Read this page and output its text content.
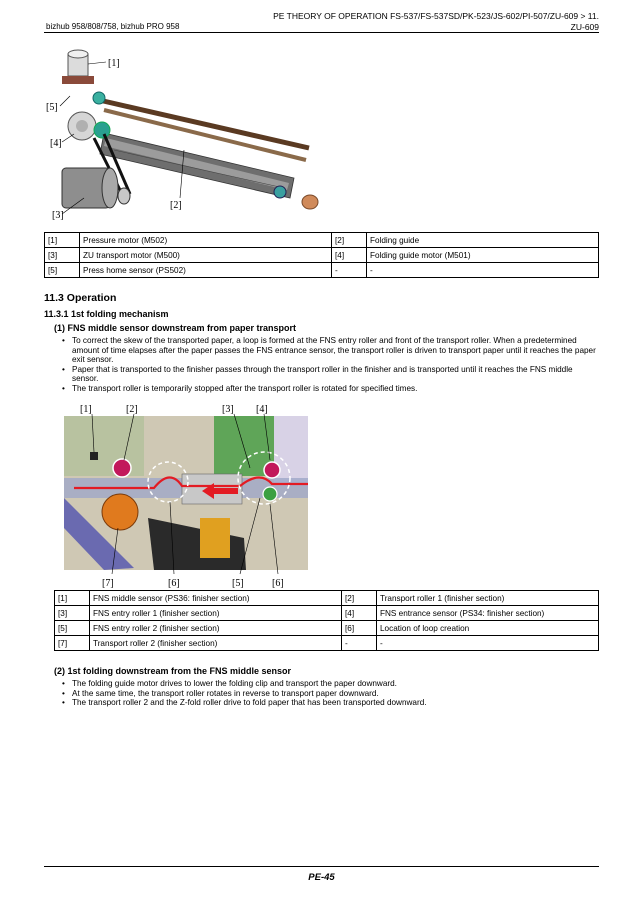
bizhub 958/808/758, bizhub PRO 958
PE THEORY OF OPERATION FS-537/FS-537SD/PK-523/JS-602/PI-507/ZU-609 > 11.
ZU-609
[1]
[5]
[4]
[3]
[2]
[1]	Pressure motor (M502)	[2]	Folding guide
[3]	ZU transport motor (M500)	[4]	Folding guide motor (M501)
[5]	Press home sensor (PS502)	-	-
11.3 Operation
11.3.1 1st folding mechanism
(1) FNS middle sensor downstream from paper transport
• To correct the skew of the transported paper, a loop is formed at the FNS entry roller and front of the transport roller. When a predetermined amount of time elapses after the paper passes the FNS entrance sensor, the transport roller is driven to transport paper until it reaches the paper exit sensor.
• Paper that is transported to the finisher passes through the transport roller in the finisher and is transported until it reaches the FNS middle sensor.
• The transport roller is temporarily stopped after the transport roller is rotated for specified times.
[1]	[2]	[3] [4]
[7]	[6]	[5]	[6]
[1]	FNS middle sensor (PS36: finisher section)	[2]	Transport roller 1 (finisher section)
[3]	FNS entry roller 1 (finisher section)	[4]	FNS entrance sensor (PS34: finisher section)
[5]	FNS entry roller 2 (finisher section)	[6]	Location of loop creation
[7]	Transport roller 2 (finisher section)	-	-
(2) 1st folding downstream from the FNS middle sensor
• The folding guide motor drives to lower the folding clip and transport the paper downward.
• At the same time, the transport roller rotates in reverse to transport paper downward.
• The transport roller 2 and the Z-fold roller drive to fold paper that has been transported downward.
PE-45
